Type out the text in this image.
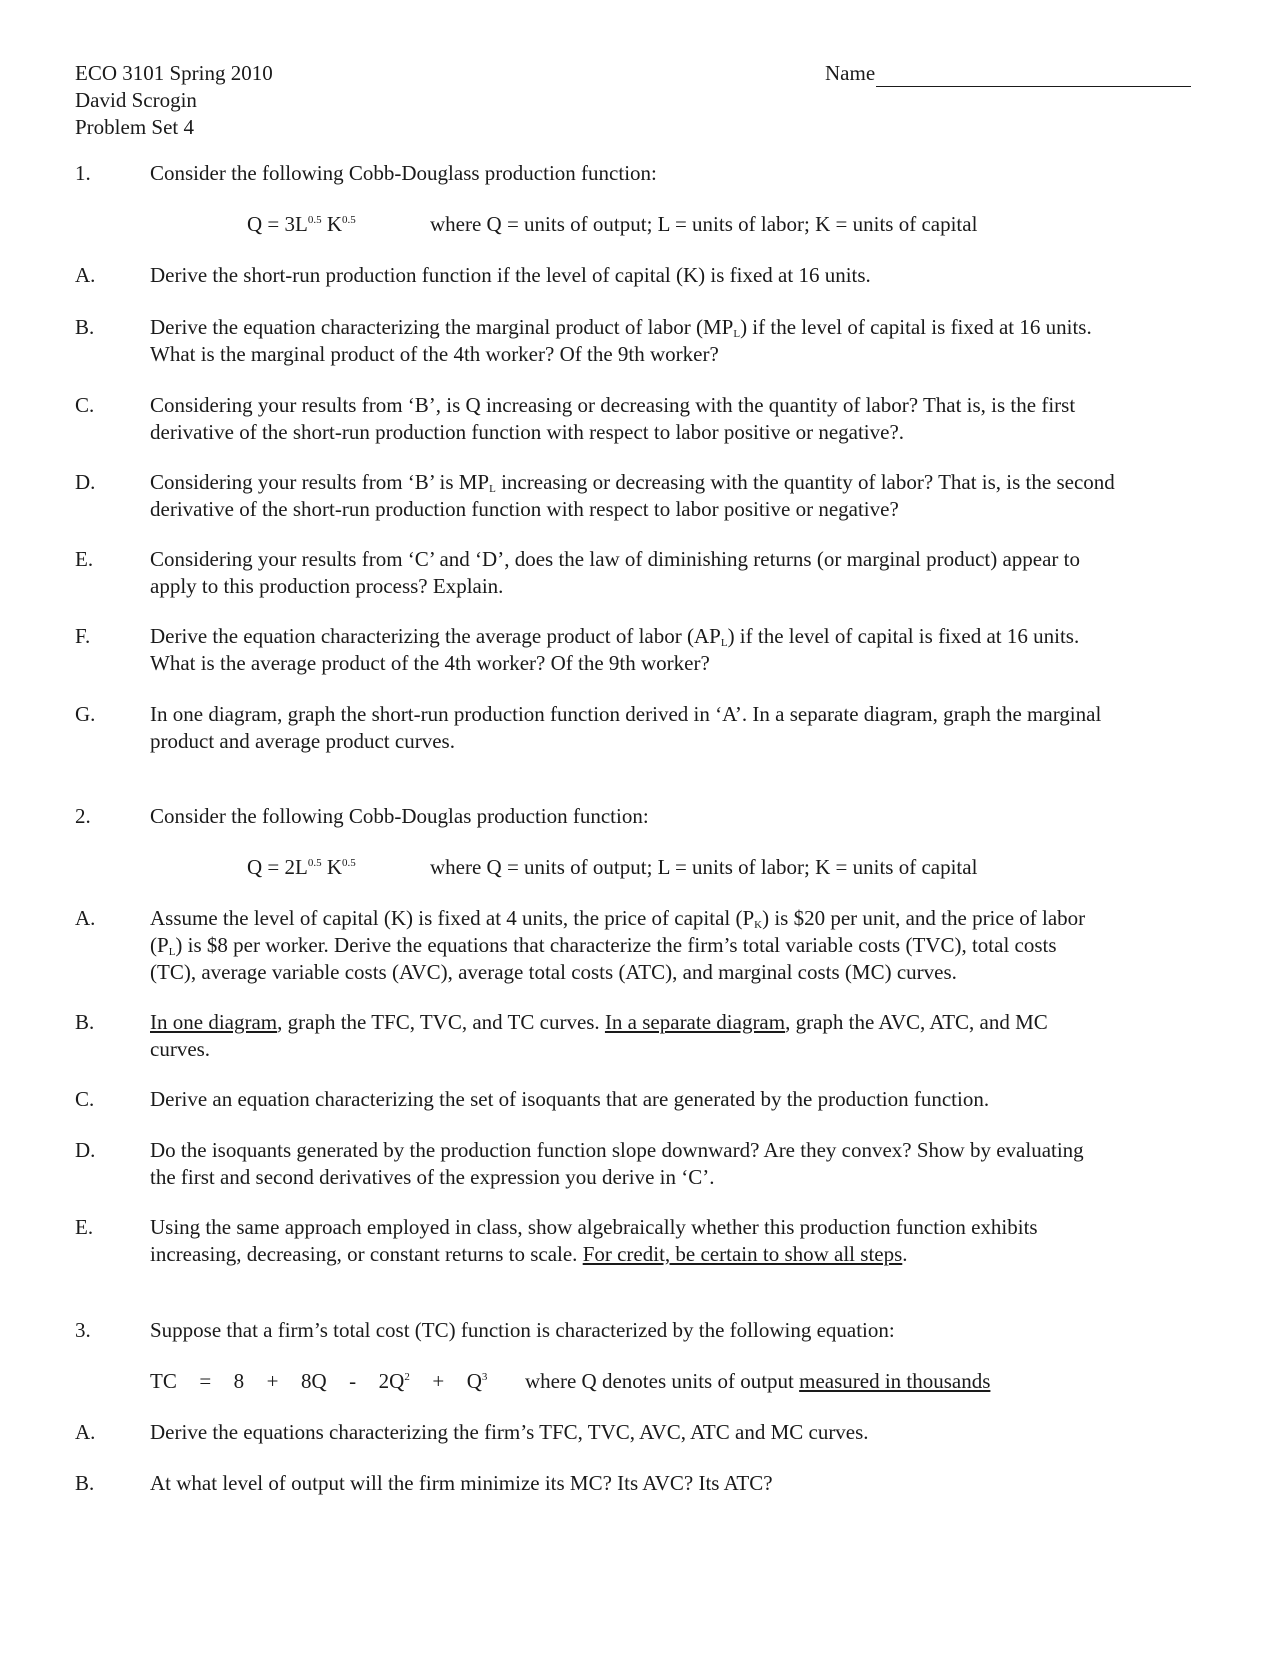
ECO 3101 Spring 2010
David Scrogin
Problem Set 4
Name
1.	Consider the following Cobb-Douglass production function:
$Q = 3L^{0.5}$ $K^{0.5}$	where Q = units of output; L = units of labor; K = units of capital
A.	Derive the short-run production function if the level of capital (K) is fixed at 16 units.
B.	Derive the equation characterizing the marginal product of labor $(MP_L)$ if the level of capital is fixed at 16 units.
What is the marginal product of the 4th worker? Of the 9th worker?
C.	Considering your results from ‘B’, is Q increasing or decreasing with the quantity of labor? That is, is the first
derivative of the short-run production function with respect to labor positive or negative?.
D.	Considering your results from ‘B’ is $MP_L$ increasing or decreasing with the quantity of labor? That is, is the second
derivative of the short-run production function with respect to labor positive or negative?
E.	Considering your results from ‘C’ and ‘D’, does the law of diminishing returns (or marginal product) appear to
apply to this production process? Explain.
F.	Derive the equation characterizing the average product of labor $(AP_L)$ if the level of capital is fixed at 16 units.
What is the average product of the 4th worker? Of the 9th worker?
G.	In one diagram, graph the short-run production function derived in ‘A’. In a separate diagram, graph the marginal
product and average product curves.
2.	Consider the following Cobb-Douglas production function:
$Q = 2L^{0.5}$ $K^{0.5}$	where Q = units of output; L = units of labor; K = units of capital
A.	Assume the level of capital (K) is fixed at 4 units, the price of capital $(P_K)$ is $20 per unit, and the price of labor
$(P_L)$ is $8 per worker. Derive the equations that characterize the firm’s total variable costs (TVC), total costs
(TC), average variable costs (AVC), average total costs (ATC), and marginal costs (MC) curves.
B.	In one diagram, graph the TFC, TVC, and TC curves. In a separate diagram, graph the AVC, ATC, and MC
curves.
C.	Derive an equation characterizing the set of isoquants that are generated by the production function.
D.	Do the isoquants generated by the production function slope downward? Are they convex? Show by evaluating
the first and second derivatives of the expression you derive in ‘C’.
E.	Using the same approach employed in class, show algebraically whether this production function exhibits
increasing, decreasing, or constant returns to scale. For credit, be certain to show all steps.
3.	Suppose that a firm’s total cost (TC) function is characterized by the following equation:
TC  =  $8 + 8Q - 2Q^2 + Q^3$ where Q denotes units of output measured in thousands
A.	Derive the equations characterizing the firm’s TFC, TVC, AVC, ATC and MC curves.
B.	At what level of output will the firm minimize its MC? Its AVC? Its ATC?
